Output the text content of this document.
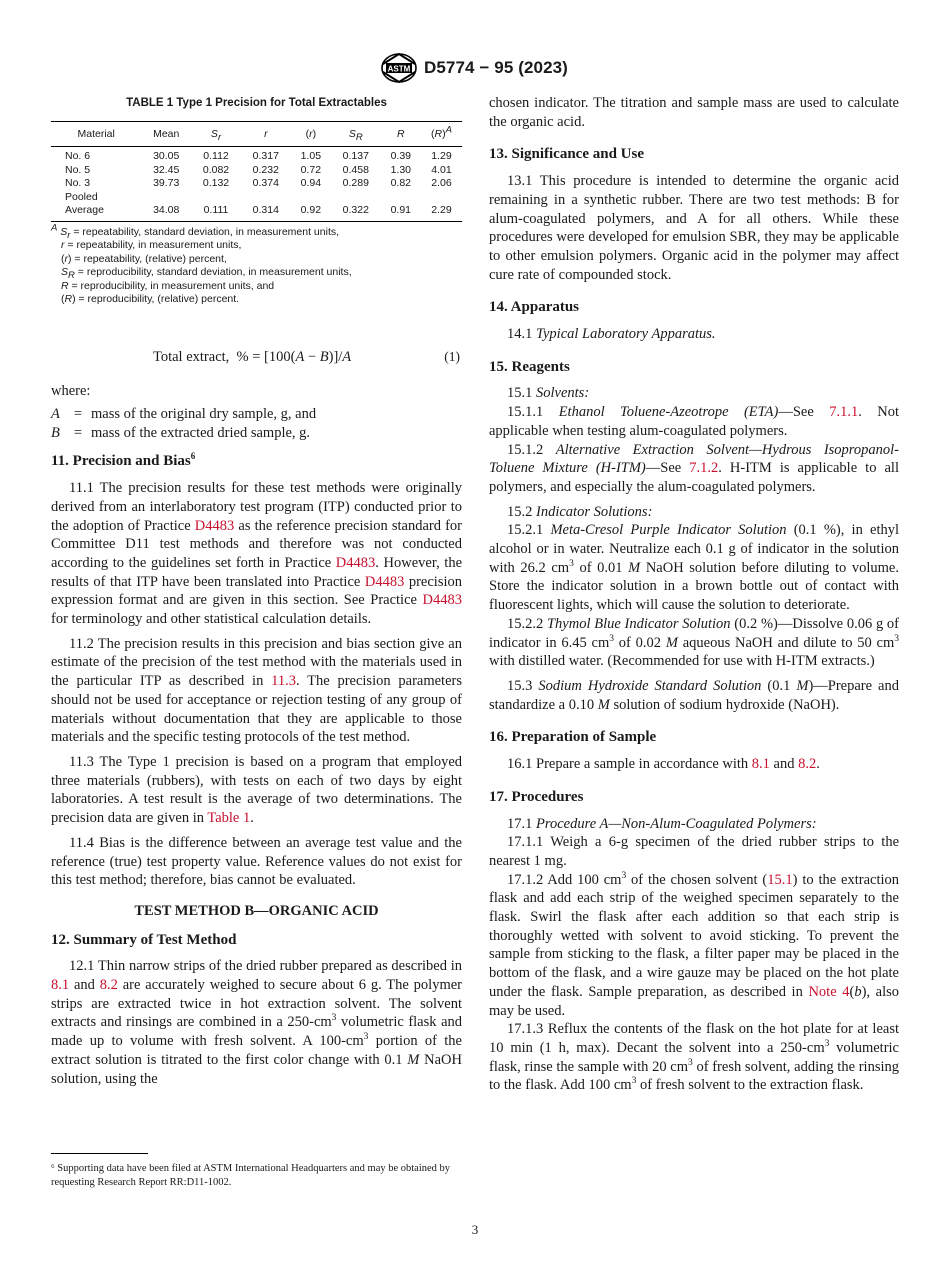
ASTM D5774 − 95 (2023)
TABLE 1 Type 1 Precision for Total Extractables
Material	Mean	$S_r$	r	(r)	$S_R$	R	$(R)^A$
No. 6	30.05	0.112	0.317	1.05	0.137	0.39	1.29
No. 5	32.45	0.082	0.232	0.72	0.458	1.30	4.01
No. 3	39.73	0.132	0.374	0.94	0.289	0.82	2.06
Pooled							
Average	34.08	0.111	0.314	0.92	0.322	0.91	2.29
$^A$ $S_r$ = repeatability, standard deviation, in measurement units,
r = repeatability, in measurement units,
(r) = repeatability, (relative) percent,
$S_R$ = reproducibility, standard deviation, in measurement units,
R = reproducibility, in measurement units, and
(R) = reproducibility, (relative) percent.
Total extract,  % = [100(A − B)]/A	(1)

where:

A = mass of the original dry sample, g, and
B = mass of the extracted dried sample, g.
11. Precision and Bias$^6$

11.1 The precision results for these test methods were originally derived from an interlaboratory test program (ITP) conducted prior to the adoption of Practice D4483 as the reference precision standard for Committee D11 test methods and therefore was not conducted according to the guidelines set forth in Practice D4483. However, the results of that ITP have been translated into Practice D4483 precision expression format and are given in this section. See Practice D4483 for terminology and other statistical calculation details.

11.2 The precision results in this precision and bias section give an estimate of the precision of the test method with the materials used in the particular ITP as described in 11.3. The precision parameters should not be used for acceptance or rejection testing of any group of materials without documentation that they are applicable to those materials and the specific testing protocols of the test method.

11.3 The Type 1 precision is based on a program that employed three materials (rubbers), with tests on each of two days by eight laboratories. A test result is the average of two determinations. The precision data are given in Table 1.

11.4 Bias is the difference between an average test value and the reference (true) test property value. Reference values do not exist for this test method; therefore, bias cannot be evaluated.

TEST METHOD B—ORGANIC ACID
12. Summary of Test Method

12.1 Thin narrow strips of the dried rubber prepared as described in 8.1 and 8.2 are accurately weighed to secure about 6 g. The polymer strips are extracted twice in hot extraction solvent. The solvent extracts and rinsings are combined in a $250-cm^3$ volumetric flask and made up to volume with fresh solvent. A $100-cm^3$ portion of the extract solution is titrated to the first color change with 0.1 M NaOH solution, using the

⁶ Supporting data have been filed at ASTM International Headquarters and may be obtained by requesting Research Report RR:D11-1002.

chosen indicator. The titration and sample mass are used to calculate the organic acid.

13. Significance and Use

13.1 This procedure is intended to determine the organic acid remaining in a synthetic rubber. There are two test methods: B for alum-coagulated polymers, and A for all others. While these procedures were developed for emulsion SBR, they may be applicable to other emulsion polymers. Organic acid in the polymer may affect cure rate of compounded stock.

14. Apparatus

14.1 Typical Laboratory Apparatus.

15. Reagents

15.1 Solvents:

15.1.1 Ethanol Toluene-Azeotrope (ETA)—See 7.1.1. Not applicable when testing alum-coagulated polymers.

15.1.2 Alternative Extraction Solvent—Hydrous Isopropanol-Toluene Mixture (H-ITM)—See 7.1.2. H-ITM is applicable to all polymers, and especially the alum-coagulated polymers.

15.2 Indicator Solutions:

15.2.1 Meta-Cresol Purple Indicator Solution (0.1 %), in ethyl alcohol or in water. Neutralize each 0.1 g of indicator in the solution with 26.2 $cm^3$ of 0.01 M NaOH solution before diluting to volume. Store the indicator solution in a brown bottle out of contact with fluorescent lights, which will cause the solution to deteriorate.

15.2.2 Thymol Blue Indicator Solution (0.2 %)—Dissolve 0.06 g of indicator in 6.45 $cm^3$ of 0.02 M aqueous NaOH and dilute to 50 $cm^3$ with distilled water. (Recommended for use with H-ITM extracts.)

15.3 Sodium Hydroxide Standard Solution (0.1 M)—Prepare and standardize a 0.10 M solution of sodium hydroxide (NaOH).

16. Preparation of Sample

16.1 Prepare a sample in accordance with 8.1 and 8.2.

17. Procedures

17.1 Procedure A—Non-Alum-Coagulated Polymers:

17.1.1 Weigh a 6-g specimen of the dried rubber strips to the nearest 1 mg.

17.1.2 Add 100 $cm^3$ of the chosen solvent (15.1) to the extraction flask and add each strip of the weighed specimen separately to the flask. Swirl the flask after each addition so that each strip is thoroughly wetted with solvent to avoid sticking. To prevent the sample from sticking to the flask, a filter paper may be placed in the bottom of the flask, and a wire gauze may be placed on the hot plate under the flask. Sample preparation, as described in Note 4(b), also may be used.

17.1.3 Reflux the contents of the flask on the hot plate for at least 10 min (1 h, max). Decant the solvent into a $250-cm^3$ volumetric flask, rinse the sample with 20 $cm^3$ of fresh solvent, adding the rinsing to the flask. Add 100 $cm^3$ of fresh solvent to the extraction flask.

3
